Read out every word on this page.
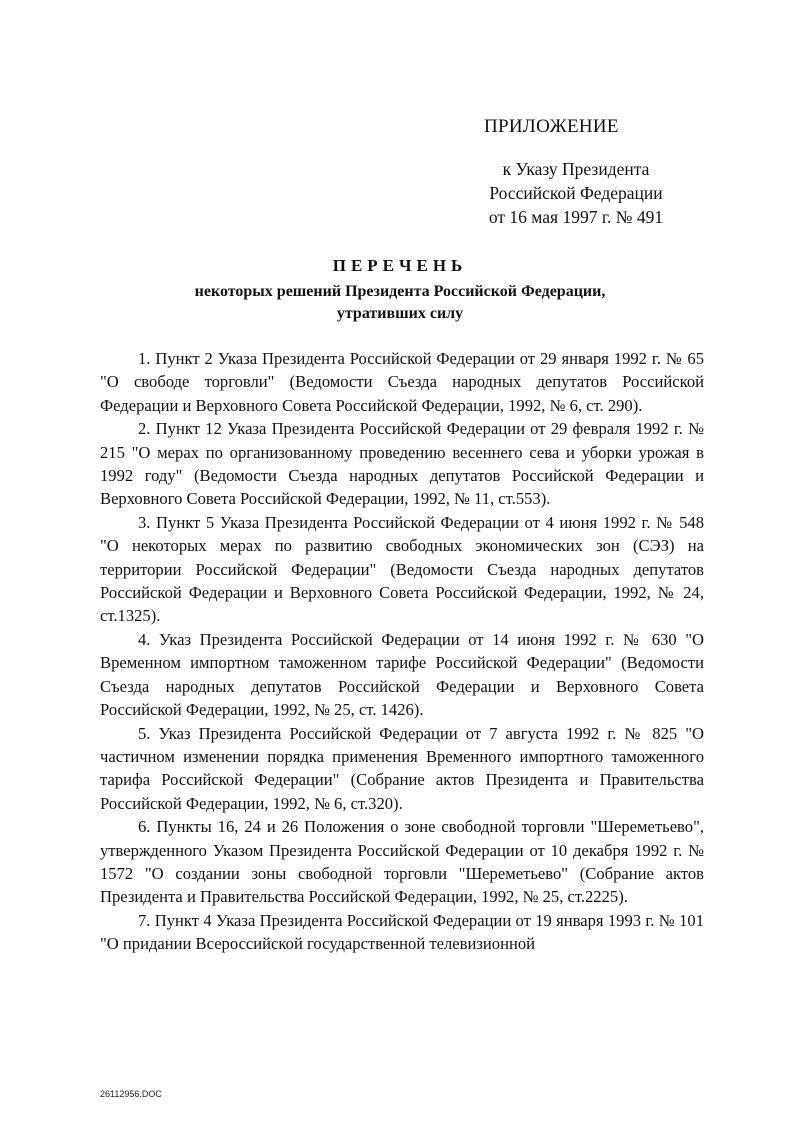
ПРИЛОЖЕНИЕ
к Указу Президента
Российской Федерации
от 16 мая 1997 г. № 491
ПЕРЕЧЕНЬ
некоторых решений Президента Российской Федерации,
утративших силу

1. Пункт 2 Указа Президента Российской Федерации от 29 января 1992 г. № 65 "О свободе торговли" (Ведомости Съезда народных депутатов Российской Федерации и Верховного Совета Российской Федерации, 1992, № 6, ст. 290).

2. Пункт 12 Указа Президента Российской Федерации от 29 февраля 1992 г. № 215 "О мерах по организованному проведению весеннего сева и уборки урожая в 1992 году" (Ведомости Съезда народных депутатов Российской Федерации и Верховного Совета Российской Федерации, 1992, № 11, ст.553).

3. Пункт 5 Указа Президента Российской Федерации от 4 июня 1992 г. № 548 "О некоторых мерах по развитию свободных экономических зон (СЭЗ) на территории Российской Федерации" (Ведомости Съезда народных депутатов Российской Федерации и Верховного Совета Российской Федерации, 1992, № 24, ст.1325).

4. Указ Президента Российской Федерации от 14 июня 1992 г. № 630 "О Временном импортном таможенном тарифе Российской Федерации" (Ведомости Съезда народных депутатов Российской Федерации и Верховного Совета Российской Федерации, 1992, № 25, ст. 1426).

5. Указ Президента Российской Федерации от 7 августа 1992 г. № 825 "О частичном изменении порядка применения Временного импортного таможенного тарифа Российской Федерации" (Собрание актов Президента и Правительства Российской Федерации, 1992, № 6, ст.320).

6. Пункты 16, 24 и 26 Положения о зоне свободной торговли "Шереметьево", утвержденного Указом Президента Российской Федерации от 10 декабря 1992 г. № 1572 "О создании зоны свободной торговли "Шереметьево" (Собрание актов Президента и Правительства Российской Федерации, 1992, № 25, ст.2225).

7. Пункт 4 Указа Президента Российской Федерации от 19 января 1993 г. № 101 "О придании Всероссийской государственной телевизионной

26112956.DOC
